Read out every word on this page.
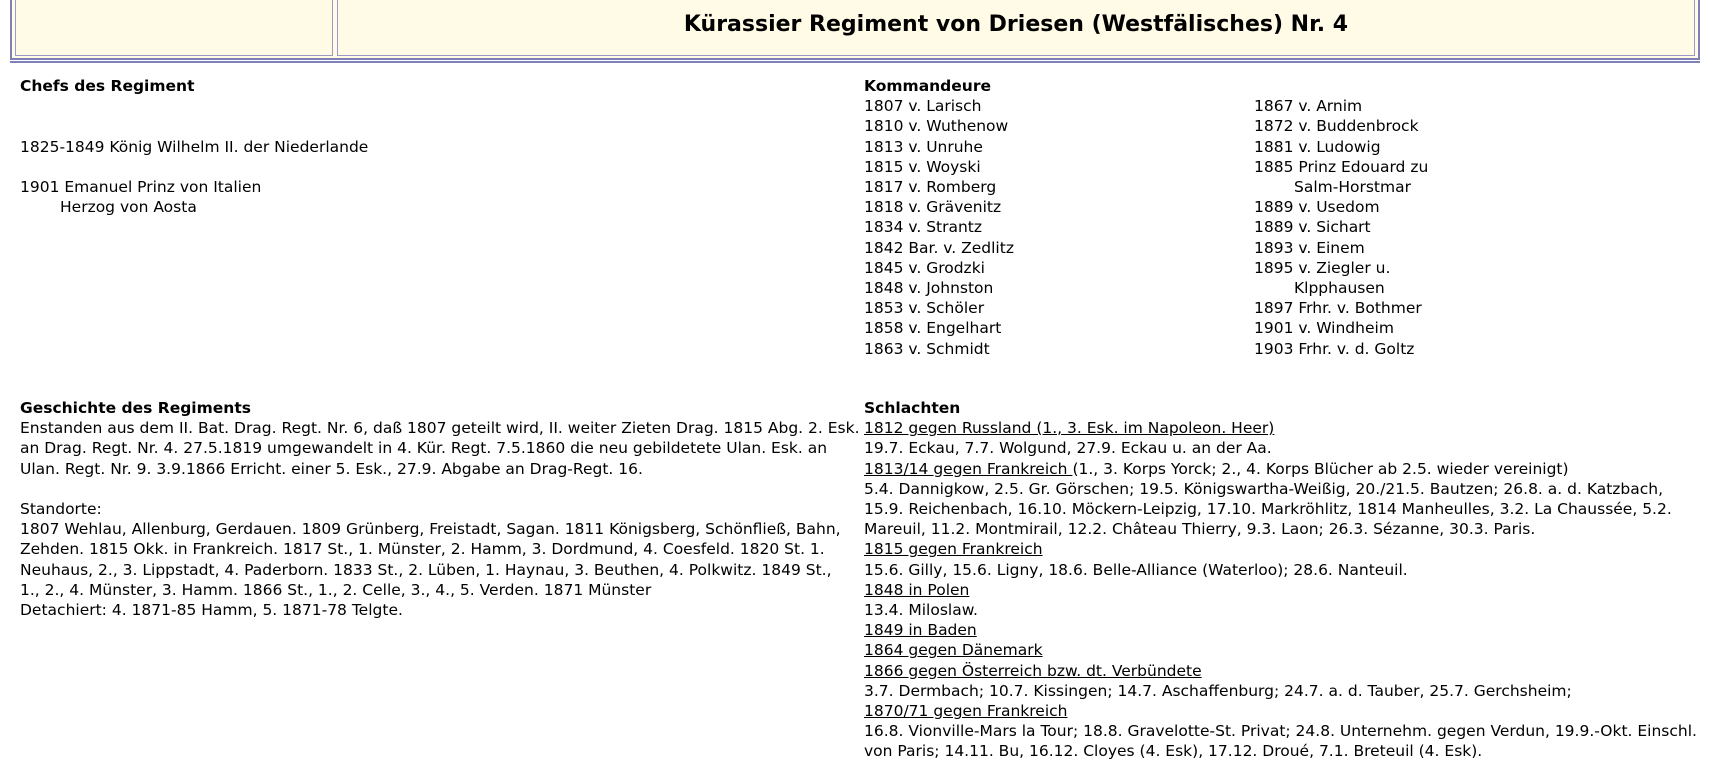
Kürassier Regiment von Driesen (Westfälisches) Nr. 4
Chefs des Regiment
1825-1849 König Wilhelm II. der Niederlande
1901 Emanuel Prinz von Italien
Herzog von Aosta
Kommandeure
1807 v. Larisch
1810 v. Wuthenow
1813 v. Unruhe
1815 v. Woyski
1817 v. Romberg
1818 v. Grävenitz
1834 v. Strantz
1842 Bar. v. Zedlitz
1845 v. Grodzki
1848 v. Johnston
1853 v. Schöler
1858 v. Engelhart
1863 v. Schmidt
1867 v. Arnim
1872 v. Buddenbrock
1881 v. Ludowig
1885 Prinz Edouard zu
Salm-Horstmar
1889 v. Usedom
1889 v. Sichart
1893 v. Einem
1895 v. Ziegler u.
Klpphausen
1897 Frhr. v. Bothmer
1901 v. Windheim
1903 Frhr. v. d. Goltz
Geschichte des Regiments
Enstanden aus dem II. Bat. Drag. Regt. Nr. 6, daß 1807 geteilt wird, II. weiter Zieten Drag. 1815 Abg. 2. Esk.
an Drag. Regt. Nr. 4. 27.5.1819 umgewandelt in 4. Kür. Regt. 7.5.1860 die neu gebildetete Ulan. Esk. an
Ulan. Regt. Nr. 9. 3.9.1866 Erricht. einer 5. Esk., 27.9. Abgabe an Drag-Regt. 16.
Standorte:
1807 Wehlau, Allenburg, Gerdauen. 1809 Grünberg, Freistadt, Sagan. 1811 Königsberg, Schönfließ, Bahn,
Zehden. 1815 Okk. in Frankreich. 1817 St., 1. Münster, 2. Hamm, 3. Dordmund, 4. Coesfeld. 1820 St. 1.
Neuhaus, 2., 3. Lippstadt, 4. Paderborn. 1833 St., 2. Lüben, 1. Haynau, 3. Beuthen, 4. Polkwitz. 1849 St.,
1., 2., 4. Münster, 3. Hamm. 1866 St., 1., 2. Celle, 3., 4., 5. Verden. 1871 Münster
Detachiert: 4. 1871-85 Hamm, 5. 1871-78 Telgte.
Schlachten
1812 gegen Russland (1., 3. Esk. im Napoleon. Heer)
19.7. Eckau, 7.7. Wolgund, 27.9. Eckau u. an der Aa.
1813/14 gegen Frankreich (1., 3. Korps Yorck; 2., 4. Korps Blücher ab 2.5. wieder vereinigt)
5.4. Dannigkow, 2.5. Gr. Görschen; 19.5. Königswartha-Weißig, 20./21.5. Bautzen; 26.8. a. d. Katzbach,
15.9. Reichenbach, 16.10. Möckern-Leipzig, 17.10. Markröhlitz, 1814 Manheulles, 3.2. La Chaussée, 5.2.
Mareuil, 11.2. Montmirail, 12.2. Château Thierry, 9.3. Laon; 26.3. Sézanne, 30.3. Paris.
1815 gegen Frankreich
15.6. Gilly, 15.6. Ligny, 18.6. Belle-Alliance (Waterloo); 28.6. Nanteuil.
1848 in Polen
13.4. Miloslaw.
1849 in Baden
1864 gegen Dänemark
1866 gegen Österreich bzw. dt. Verbündete
3.7. Dermbach; 10.7. Kissingen; 14.7. Aschaffenburg; 24.7. a. d. Tauber, 25.7. Gerchsheim;
1870/71 gegen Frankreich
16.8. Vionville-Mars la Tour; 18.8. Gravelotte-St. Privat; 24.8. Unternehm. gegen Verdun, 19.9.-Okt. Einschl.
von Paris; 14.11. Bu, 16.12. Cloyes (4. Esk), 17.12. Droué, 7.1. Breteuil (4. Esk).
